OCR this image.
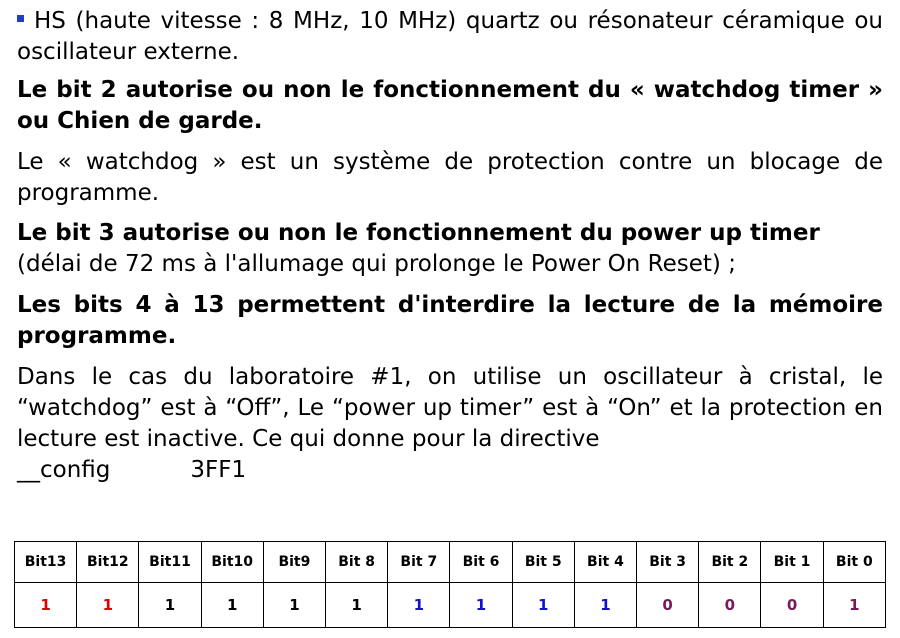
HS (haute vitesse : 8 MHz, 10 MHz) quartz ou résonateur céramique ou oscillateur externe.

Le bit 2 autorise ou non le fonctionnement du « watchdog timer » ou Chien de garde.

Le « watchdog » est un système de protection contre un blocage de programme.

Le bit 3 autorise ou non le fonctionnement du power up timer

(délai de 72 ms à l'allumage qui prolonge le Power On Reset) ;

Les bits 4 à 13 permettent d'interdire la lecture de la mémoire programme.

Dans le cas du laboratoire #1, on utilise un oscillateur à cristal, le “watchdog” est à “Off”, Le “power up timer” est à “On” et la protection en lecture est inactive. Ce qui donne pour la directive

__config	3FF1

Bit13	Bit12	Bit11	Bit10	Bit9	Bit 8	Bit 7	Bit 6	Bit 5	Bit 4	Bit 3	Bit 2	Bit 1	Bit 0
1	1	1	1	1	1	1	1	1	1	0	0	0	1
